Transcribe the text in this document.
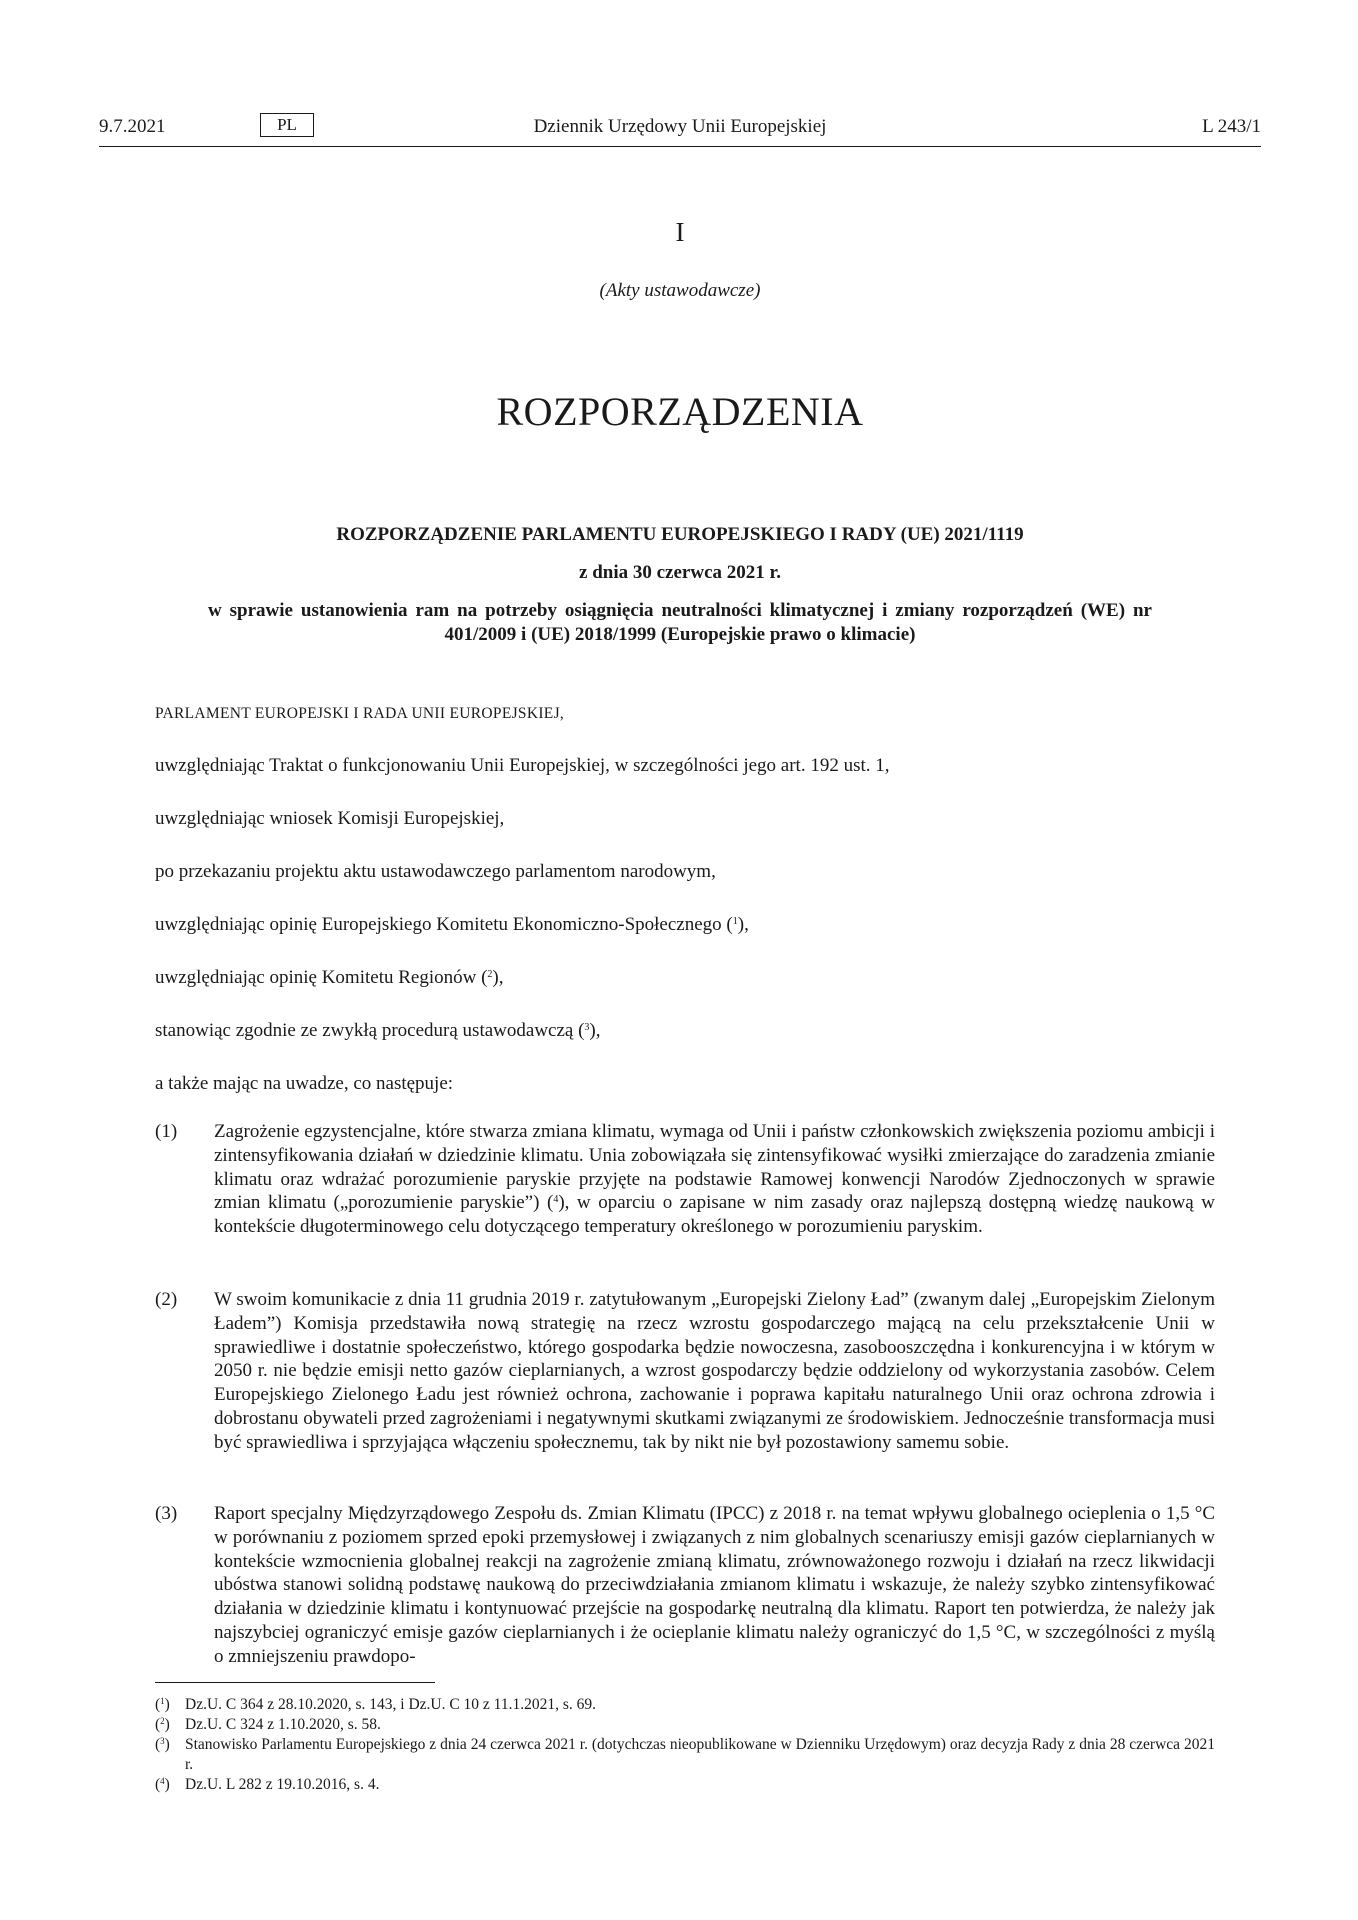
9.7.2021	PL	Dziennik Urzędowy Unii Europejskiej	L 243/1
I
(Akty ustawodawcze)
ROZPORZĄDZENIA
ROZPORZĄDZENIE PARLAMENTU EUROPEJSKIEGO I RADY (UE) 2021/1119
z dnia 30 czerwca 2021 r.
w sprawie ustanowienia ram na potrzeby osiągnięcia neutralności klimatycznej i zmiany rozporządzeń (WE) nr 401/2009 i (UE) 2018/1999 (Europejskie prawo o klimacie)
PARLAMENT EUROPEJSKI I RADA UNII EUROPEJSKIEJ,
uwzględniając Traktat o funkcjonowaniu Unii Europejskiej, w szczególności jego art. 192 ust. 1,
uwzględniając wniosek Komisji Europejskiej,
po przekazaniu projektu aktu ustawodawczego parlamentom narodowym,
uwzględniając opinię Europejskiego Komitetu Ekonomiczno-Społecznego ($^1$),
uwzględniając opinię Komitetu Regionów ($^2$),
stanowiąc zgodnie ze zwykłą procedurą ustawodawczą ($^3$),
a także mając na uwadze, co następuje:
(1) Zagrożenie egzystencjalne, które stwarza zmiana klimatu, wymaga od Unii i państw członkowskich zwiększenia poziomu ambicji i zintensyfikowania działań w dziedzinie klimatu. Unia zobowiązała się zintensyfikować wysiłki zmierzające do zaradzenia zmianie klimatu oraz wdrażać porozumienie paryskie przyjęte na podstawie Ramowej konwencji Narodów Zjednoczonych w sprawie zmian klimatu („porozumienie paryskie”) ($^4$), w oparciu o zapisane w nim zasady oraz najlepszą dostępną wiedzę naukową w kontekście długoterminowego celu dotyczącego temperatury określonego w porozumieniu paryskim.
(2) W swoim komunikacie z dnia 11 grudnia 2019 r. zatytułowanym „Europejski Zielony Ład” (zwanym dalej „Europejskim Zielonym Ładem”) Komisja przedstawiła nową strategię na rzecz wzrostu gospodarczego mającą na celu przekształcenie Unii w sprawiedliwe i dostatnie społeczeństwo, którego gospodarka będzie nowoczesna, zasobooszczędna i konkurencyjna i w którym w 2050 r. nie będzie emisji netto gazów cieplarnianych, a wzrost gospodarczy będzie oddzielony od wykorzystania zasobów. Celem Europejskiego Zielonego Ładu jest również ochrona, zachowanie i poprawa kapitału naturalnego Unii oraz ochrona zdrowia i dobrostanu obywateli przed zagrożeniami i negatywnymi skutkami związanymi ze środowiskiem. Jednocześnie transformacja musi być sprawiedliwa i sprzyjająca włączeniu społecznemu, tak by nikt nie był pozostawiony samemu sobie.
(3) Raport specjalny Międzyrządowego Zespołu ds. Zmian Klimatu (IPCC) z 2018 r. na temat wpływu globalnego ocieplenia o 1,5 °C w porównaniu z poziomem sprzed epoki przemysłowej i związanych z nim globalnych scenariuszy emisji gazów cieplarnianych w kontekście wzmocnienia globalnej reakcji na zagrożenie zmianą klimatu, zrównoważonego rozwoju i działań na rzecz likwidacji ubóstwa stanowi solidną podstawę naukową do przeciwdziałania zmianom klimatu i wskazuje, że należy szybko zintensyfikować działania w dziedzinie klimatu i kontynuować przejście na gospodarkę neutralną dla klimatu. Raport ten potwierdza, że należy jak najszybciej ograniczyć emisje gazów cieplarnianych i że ocieplanie klimatu należy ograniczyć do 1,5 °C, w szczególności z myślą o zmniejszeniu prawdopo-
($^1$) Dz.U. C 364 z 28.10.2020, s. 143, i Dz.U. C 10 z 11.1.2021, s. 69.
($^2$) Dz.U. C 324 z 1.10.2020, s. 58.
($^3$) Stanowisko Parlamentu Europejskiego z dnia 24 czerwca 2021 r. (dotychczas nieopublikowane w Dzienniku Urzędowym) oraz decyzja Rady z dnia 28 czerwca 2021 r.
($^4$) Dz.U. L 282 z 19.10.2016, s. 4.
